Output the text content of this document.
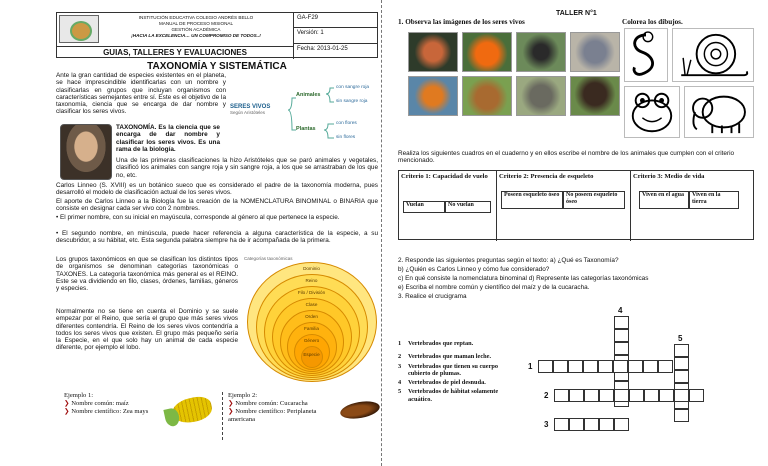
INSTITUCIÓN EDUCATIVA COLEGIO ANDRÉS BELLO
MANUAL DE PROCESO MISIONAL
GESTIÓN ACADÉMICA
¡HACIA LA EXCELENCIA… UN COMPROMISO DE TODOS..!
GA-F29
Versión: 1
Fecha: 2013-01-25
GUIAS, TALLERES Y EVALUACIONES
TAXONOMÍA Y SISTEMÁTICA
Ante la gran cantidad de especies existentes en el planeta, se hace imprescindible identificarlas con un nombre y clasificarlas en grupos que incluyan organismos con características semejantes entre sí. Este es el objetivo de la taxonomía, ciencia que se encarga de dar nombre y clasificar los seres vivos.
SERES VIVOS
Según Aristóteles
Animales
Plantas
con sangre roja
sin sangre roja
con flores
sin flores
TAXONOMÍA. Es la ciencia que se encarga de dar nombre y clasificar los seres vivos. Es una rama de la biología.
Una de las primeras clasificaciones la hizo Aristóteles que se paró animales y vegetales, clasificó los animales con sangre roja y sin sangre roja, a los que se arrastraban de los que no, etc.
Carlos Linneo (S. XVIII) es un botánico sueco que es considerado el padre de la taxonomía moderna, pues desarrolló el modelo de clasificación actual de los seres vivos.
El aporte de Carlos Linneo a la Biología fue la creación de la NOMENCLATURA BINOMINAL o BINARIA que consiste en designar cada ser vivo con 2 nombres.
• El primer nombre, con su inicial en mayúscula, corresponde al género al que pertenece la especie.
• El segundo nombre, en minúscula, puede hacer referencia a alguna característica de la especie, a su descubridor, a su hábitat, etc. Esta segunda palabra siempre ha de ir acompañada de la primera.
Los grupos taxonómicos en que se clasifican los distintos tipos de organismos se denominan categorías taxonómicas o TAXONES. La categoría taxonómica más general es el REINO. Este se va dividiendo en filo, clases, órdenes, familias, géneros y especies.
Normalmente no se tiene en cuenta el Dominio y se suele empezar por el Reino, que sería el grupo que más seres vivos diferentes contendría. El Reino de los seres vivos contendría a todos los seres vivos que existen. El grupo más pequeño sería la Especie, en el que solo hay un animal de cada especie diferente, por ejemplo el lobo.
Categorías taxonómicas
Dominio
Reino
Filo / División
Clase
Orden
Familia
Género
Especie
Ejemplo 1:
❯ Nombre común: maíz
❯ Nombre científico: Zea mays
Ejemplo 2:
❯ Nombre común: Cucaracha
❯ Nombre científico: Periplaneta americana
TALLER N°1
1. Observa las imágenes de los seres vivos	Colorea los dibujos.
Realiza los siguientes cuadros en el cuaderno y en ellos escribe el nombre de los animales que cumplen con el criterio mencionado.
Criterio 1: Capacidad de vuelo
Vuelan	No vuelan
Criterio 2: Presencia de esqueleto
Poseen esqueleto óseo	No poseen esqueleto óseo
Criterio 3: Medio de vida
Viven en el agua	Viven en la tierra
2. Responde las siguientes preguntas según el texto: a) ¿Qué es Taxonomía?
b) ¿Quién es Carlos Linneo y cómo fue considerado?
c) En qué consiste la nomenclatura binominal d) Represente las categorías taxonómicas
e) Escriba el nombre común y científico del maíz y de la cucaracha.
3. Realice el crucigrama
1	Vertebrados que reptan.
2	Vertebrados que maman leche.
3	Vertebrados que tienen su cuerpo cubierto de plumas.
4	Vertebrados de piel desnuda.
5	Vertebrados de hábitat solamente acuático.
1
2
3
4
5
